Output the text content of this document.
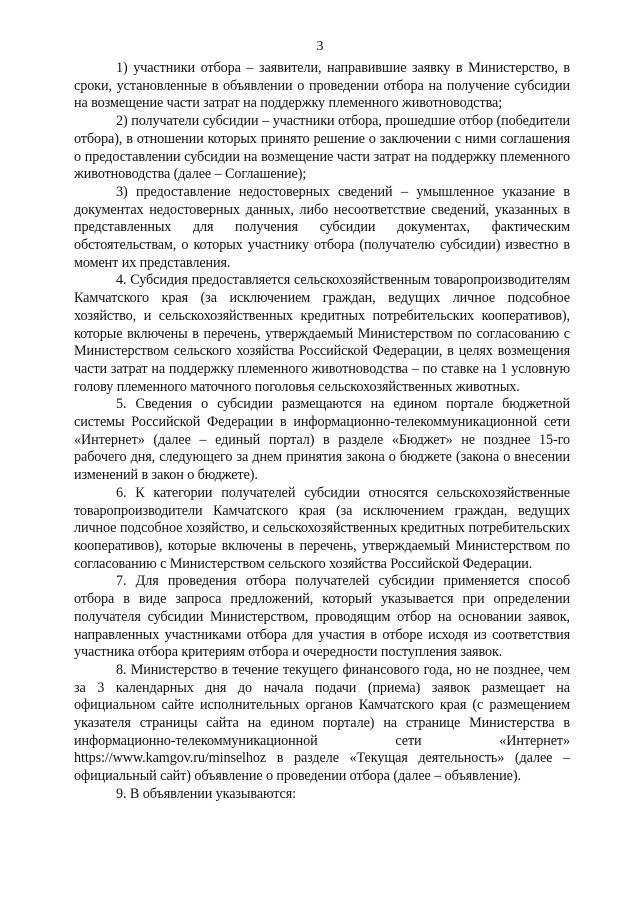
3

1) участники отбора – заявители, направившие заявку в Министерство, в сроки, установленные в объявлении о проведении отбора на получение субсидии на возмещение части затрат на поддержку племенного животноводства;

2) получатели субсидии – участники отбора, прошедшие отбор (победители отбора), в отношении которых принято решение о заключении с ними соглашения о предоставлении субсидии на возмещение части затрат на поддержку племенного животноводства (далее – Соглашение);

3) предоставление недостоверных сведений – умышленное указание в документах недостоверных данных, либо несоответствие сведений, указанных в представленных для получения субсидии документах, фактическим обстоятельствам, о которых участнику отбора (получателю субсидии) известно в момент их представления.

4. Субсидия предоставляется сельскохозяйственным товаропроизводителям Камчатского края (за исключением граждан, ведущих личное подсобное хозяйство, и сельскохозяйственных кредитных потребительских кооперативов), которые включены в перечень, утверждаемый Министерством по согласованию с Министерством сельского хозяйства Российской Федерации, в целях возмещения части затрат на поддержку племенного животноводства – по ставке на 1 условную голову племенного маточного поголовья сельскохозяйственных животных.

5. Сведения о субсидии размещаются на едином портале бюджетной системы Российской Федерации в информационно-телекоммуникационной сети «Интернет» (далее – единый портал) в разделе «Бюджет» не позднее 15-го рабочего дня, следующего за днем принятия закона о бюджете (закона о внесении изменений в закон о бюджете).

6. К категории получателей субсидии относятся сельскохозяйственные товаропроизводители Камчатского края (за исключением граждан, ведущих личное подсобное хозяйство, и сельскохозяйственных кредитных потребительских кооперативов), которые включены в перечень, утверждаемый Министерством по согласованию с Министерством сельского хозяйства Российской Федерации.

7. Для проведения отбора получателей субсидии применяется способ отбора в виде запроса предложений, который указывается при определении получателя субсидии Министерством, проводящим отбор на основании заявок, направленных участниками отбора для участия в отборе исходя из соответствия участника отбора критериям отбора и очередности поступления заявок.

8. Министерство в течение текущего финансового года, но не позднее, чем за 3 календарных дня до начала подачи (приема) заявок размещает на официальном сайте исполнительных органов Камчатского края (с размещением указателя страницы сайта на едином портале) на странице Министерства в информационно-телекоммуникационной сети «Интернет» https://www.kamgov.ru/minselhoz в разделе «Текущая деятельность» (далее – официальный сайт) объявление о проведении отбора (далее – объявление).

9. В объявлении указываются:
